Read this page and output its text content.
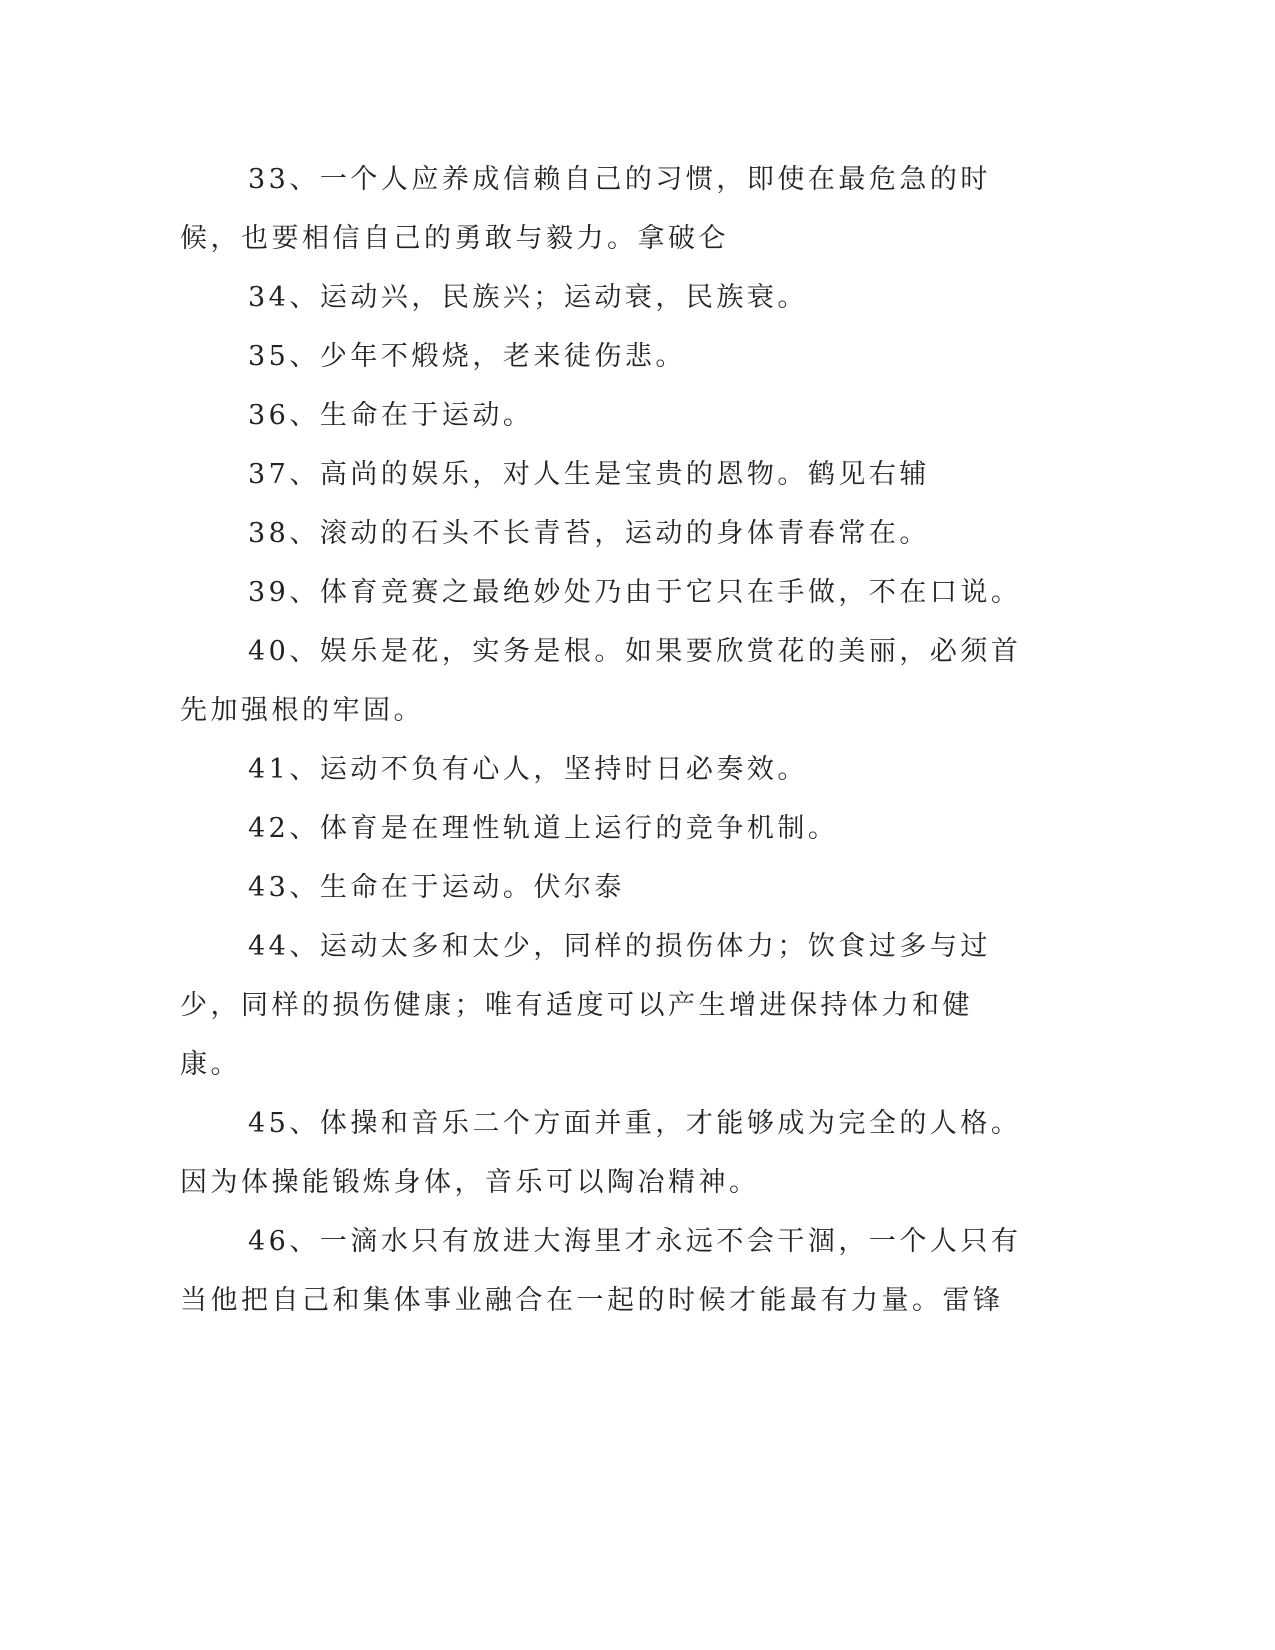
33、一个人应养成信赖自己的习惯，即使在最危急的时候，也要相信自己的勇敢与毅力。拿破仑

34、运动兴，民族兴；运动衰，民族衰。

35、少年不煅烧，老来徒伤悲。

36、生命在于运动。

37、高尚的娱乐，对人生是宝贵的恩物。鹤见右辅

38、滚动的石头不长青苔，运动的身体青春常在。

39、体育竞赛之最绝妙处乃由于它只在手做，不在口说。

40、娱乐是花，实务是根。如果要欣赏花的美丽，必须首先加强根的牢固。

41、运动不负有心人，坚持时日必奏效。

42、体育是在理性轨道上运行的竞争机制。

43、生命在于运动。伏尔泰

44、运动太多和太少，同样的损伤体力；饮食过多与过少，同样的损伤健康；唯有适度可以产生增进保持体力和健康。

45、体操和音乐二个方面并重，才能够成为完全的人格。因为体操能锻炼身体，音乐可以陶冶精神。

46、一滴水只有放进大海里才永远不会干涸，一个人只有当他把自己和集体事业融合在一起的时候才能最有力量。雷锋
